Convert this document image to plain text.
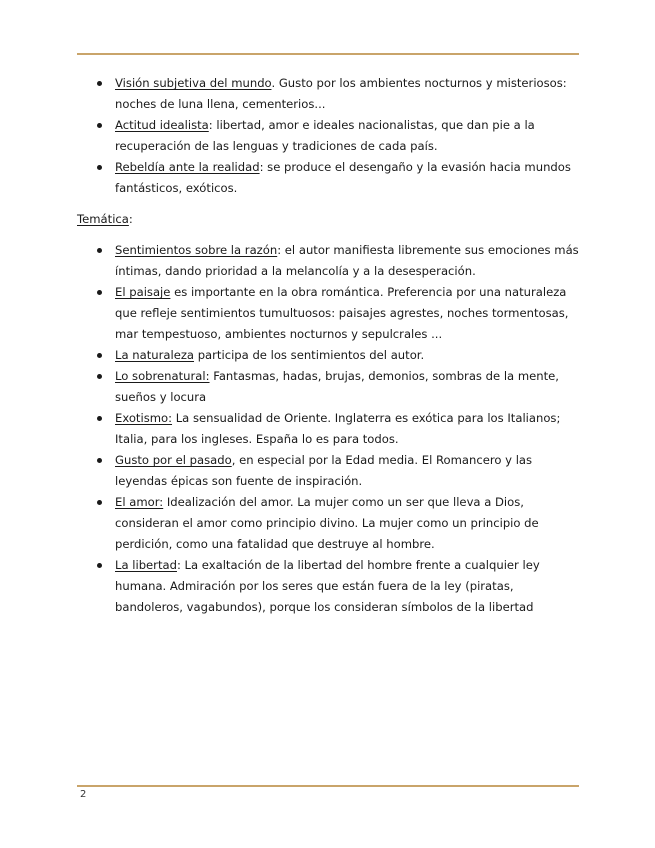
Visión subjetiva del mundo. Gusto por los ambientes nocturnos y misteriosos: noches de luna llena, cementerios...
Actitud idealista: libertad, amor e ideales nacionalistas, que dan pie a la recuperación de las lenguas y tradiciones de cada país.
Rebeldía ante la realidad: se produce el desengaño y la evasión hacia mundos fantásticos, exóticos.
Temática:
Sentimientos sobre la razón: el autor manifiesta libremente sus emociones más íntimas, dando prioridad a la melancolía y a la desesperación.
El paisaje es importante en la obra romántica. Preferencia por una naturaleza que refleje sentimientos tumultuosos: paisajes agrestes, noches tormentosas, mar tempestuoso, ambientes nocturnos y sepulcrales ...
La naturaleza participa de los sentimientos del autor.
Lo sobrenatural: Fantasmas, hadas, brujas, demonios, sombras de la mente, sueños y locura
Exotismo: La sensualidad de Oriente. Inglaterra es exótica para los Italianos; Italia, para los ingleses. España lo es para todos.
Gusto por el pasado, en especial por la Edad media. El Romancero y las leyendas épicas son fuente de inspiración.
El amor: Idealización del amor. La mujer como un ser que lleva a Dios, consideran el amor como principio divino. La mujer como un principio de perdición, como una fatalidad que destruye al hombre.
La libertad: La exaltación de la libertad del hombre frente a cualquier ley humana. Admiración por los seres que están fuera de la ley (piratas, bandoleros, vagabundos), porque los consideran símbolos de la libertad
2
